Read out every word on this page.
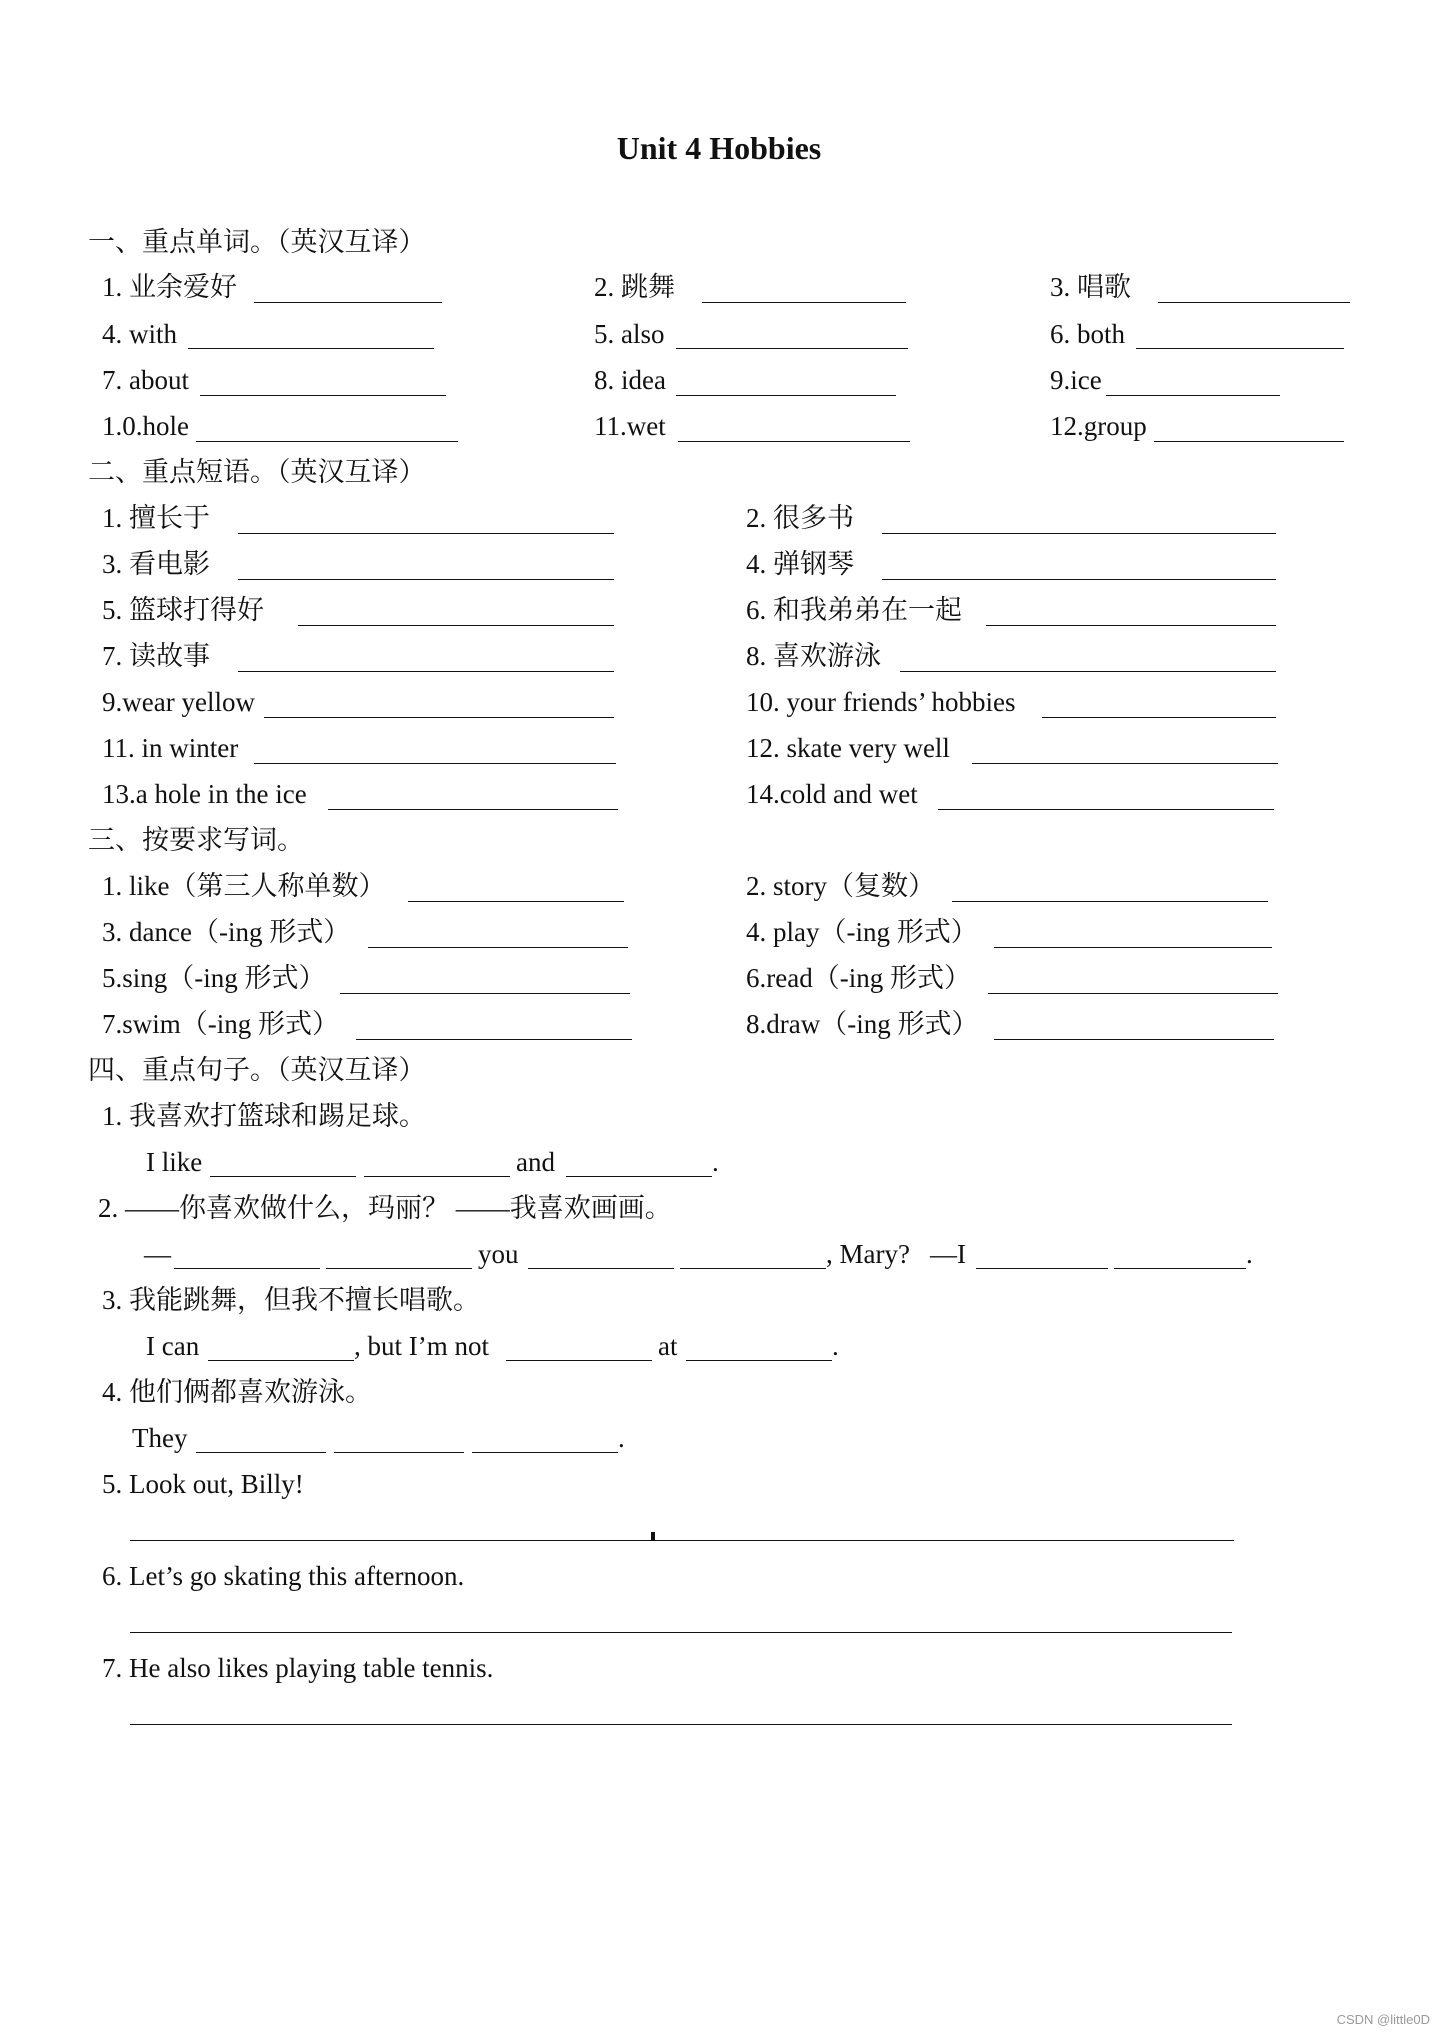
Unit 4 Hobbies
一、重点单词。（英汉互译）
1. 业余爱好	2. 跳舞	3. 唱歌
4. with	5. also	6. both
7. about	8. idea	9.ice
1.0.hole	11.wet	12.group
二、重点短语。（英汉互译）
1. 擅长于	2. 很多书
3. 看电影	4. 弹钢琴
5. 篮球打得好	6. 和我弟弟在一起
7. 读故事	8. 喜欢游泳
9.wear yellow	10. your friends’ hobbies
11. in winter	12. skate very well
13.a hole in the ice	14.cold and wet
三、按要求写词。
1. like（第三人称单数）	2. story（复数）
3. dance（-ing 形式）	4. play（-ing 形式）
5.sing（-ing 形式）	6.read（-ing 形式）
7.swim（-ing 形式）	8.draw（-ing 形式）
四、重点句子。（英汉互译）
1. 我喜欢打篮球和踢足球。
I like	and	.
2. ——你喜欢做什么，玛丽？ ——我喜欢画画。
—	you	, Mary? —I	.
3. 我能跳舞，但我不擅长唱歌。
I can	, but I’m not	at	.
4. 他们俩都喜欢游泳。
They	.
5. Look out, Billy!
6. Let’s go skating this afternoon.
7. He also likes playing table tennis.
CSDN @little0D
